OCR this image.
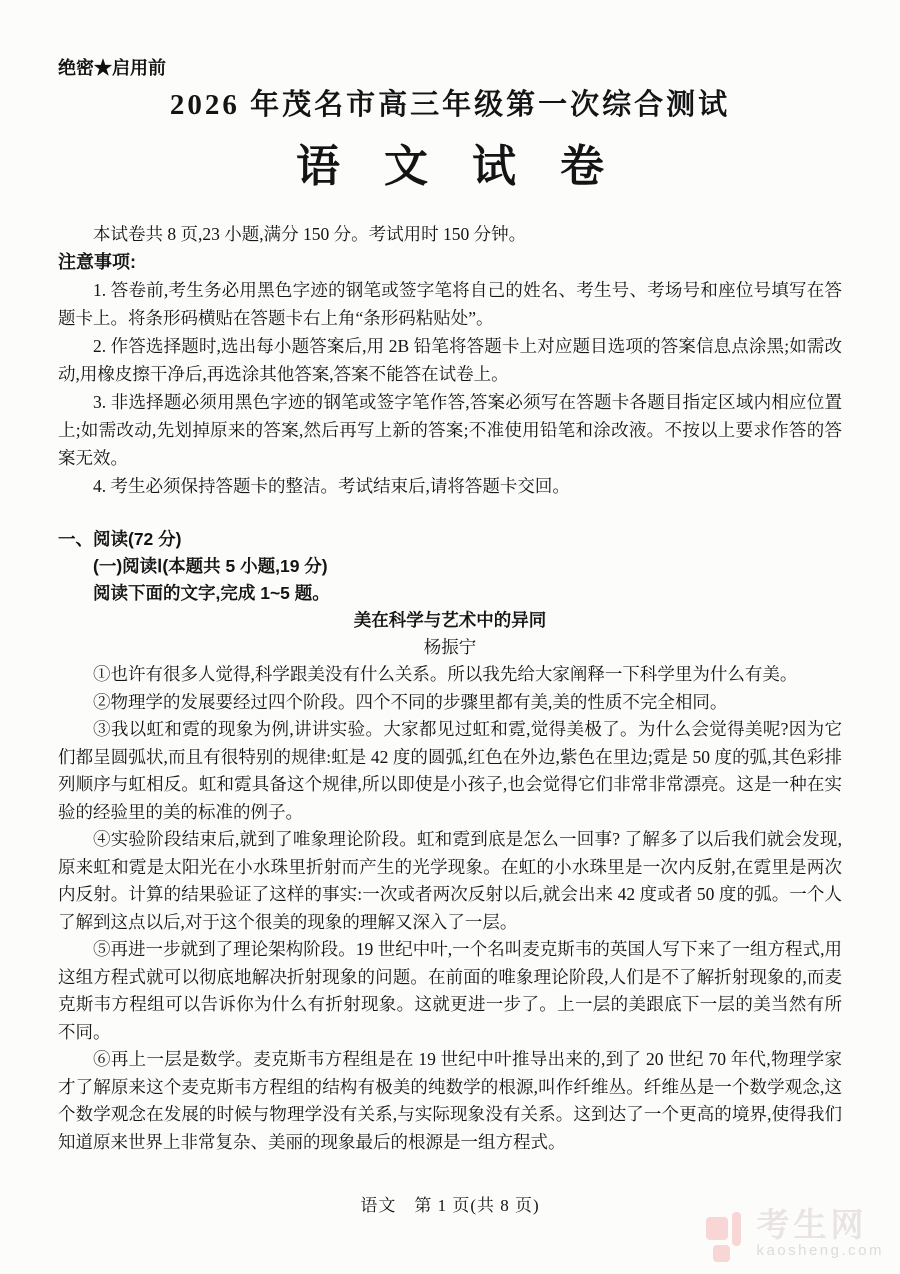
绝密★启用前
2026 年茂名市高三年级第一次综合测试
语　文　试　卷

本试卷共 8 页,23 小题,满分 150 分。考试用时 150 分钟。

注意事项:

1. 答卷前,考生务必用黑色字迹的钢笔或签字笔将自己的姓名、考生号、考场号和座位号填写在答题卡上。将条形码横贴在答题卡右上角“条形码粘贴处”。

2. 作答选择题时,选出每小题答案后,用 2B 铅笔将答题卡上对应题目选项的答案信息点涂黑;如需改动,用橡皮擦干净后,再选涂其他答案,答案不能答在试卷上。

3. 非选择题必须用黑色字迹的钢笔或签字笔作答,答案必须写在答题卡各题目指定区域内相应位置上;如需改动,先划掉原来的答案,然后再写上新的答案;不准使用铅笔和涂改液。不按以上要求作答的答案无效。

4. 考生必须保持答题卡的整洁。考试结束后,请将答题卡交回。

一、阅读(72 分)
(一)阅读Ⅰ(本题共 5 小题,19 分)
阅读下面的文字,完成 1~5 题。
美在科学与艺术中的异同
杨振宁

①也许有很多人觉得,科学跟美没有什么关系。所以我先给大家阐释一下科学里为什么有美。

②物理学的发展要经过四个阶段。四个不同的步骤里都有美,美的性质不完全相同。

③我以虹和霓的现象为例,讲讲实验。大家都见过虹和霓,觉得美极了。为什么会觉得美呢?因为它们都呈圆弧状,而且有很特别的规律:虹是 42 度的圆弧,红色在外边,紫色在里边;霓是 50 度的弧,其色彩排列顺序与虹相反。虹和霓具备这个规律,所以即使是小孩子,也会觉得它们非常非常漂亮。这是一种在实验的经验里的美的标准的例子。

④实验阶段结束后,就到了唯象理论阶段。虹和霓到底是怎么一回事? 了解多了以后我们就会发现,原来虹和霓是太阳光在小水珠里折射而产生的光学现象。在虹的小水珠里是一次内反射,在霓里是两次内反射。计算的结果验证了这样的事实:一次或者两次反射以后,就会出来 42 度或者 50 度的弧。一个人了解到这点以后,对于这个很美的现象的理解又深入了一层。

⑤再进一步就到了理论架构阶段。19 世纪中叶,一个名叫麦克斯韦的英国人写下来了一组方程式,用这组方程式就可以彻底地解决折射现象的问题。在前面的唯象理论阶段,人们是不了解折射现象的,而麦克斯韦方程组可以告诉你为什么有折射现象。这就更进一步了。上一层的美跟底下一层的美当然有所不同。

⑥再上一层是数学。麦克斯韦方程组是在 19 世纪中叶推导出来的,到了 20 世纪 70 年代,物理学家才了解原来这个麦克斯韦方程组的结构有极美的纯数学的根源,叫作纤维丛。纤维丛是一个数学观念,这个数学观念在发展的时候与物理学没有关系,与实际现象没有关系。这到达了一个更高的境界,使得我们知道原来世界上非常复杂、美丽的现象最后的根源是一组方程式。

语文　第 1 页(共 8 页)
考生网
kaosheng.com
